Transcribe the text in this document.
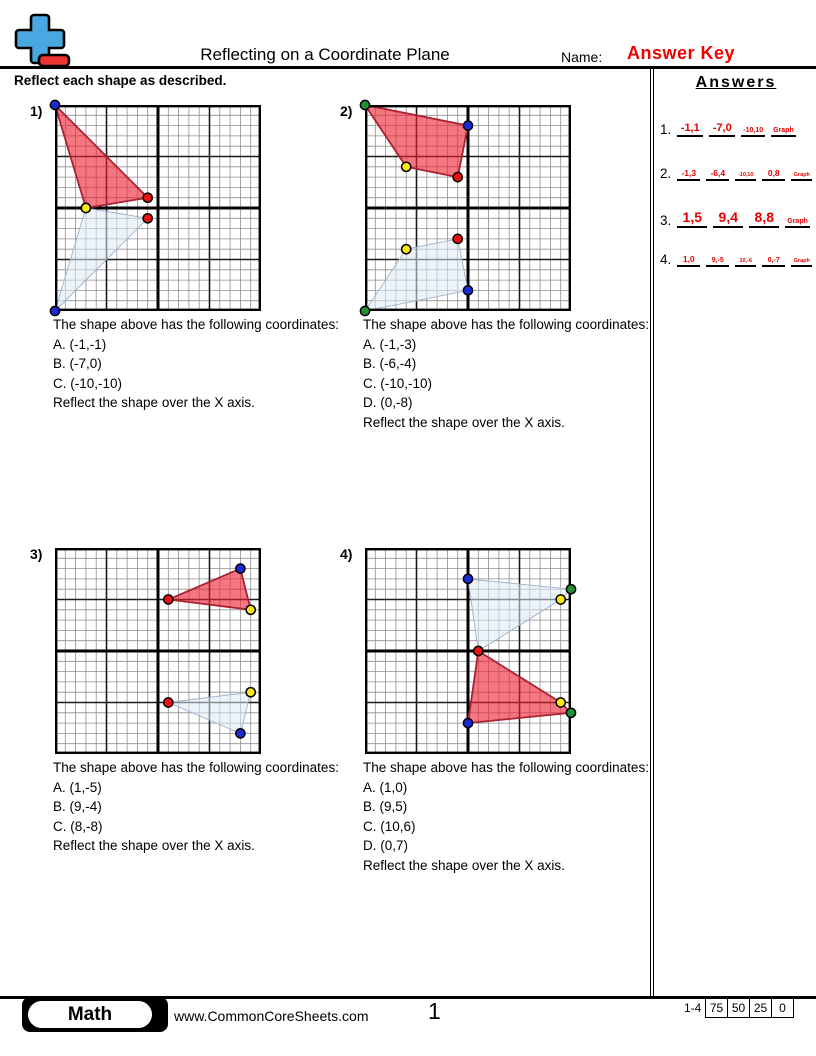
Reflecting on a Coordinate Plane	Name: Answer Key
Reflect each shape as described.	Answers
1. -1,1	-7,0	-10,10 Graph
2.	-1,3	-6,4	-10,10	0,8	Graph
3. 1,5	9,4	8,8	Graph
4.	1,0	9,-5	10,-6	0,-7	Graph
1)
The shape above has the following coordinates:
A. (-1,-1)
B. (-7,0)
C. (-10,-10)
Reflect the shape over the X axis.
2)
The shape above has the following coordinates:
A. (-1,-3)
B. (-6,-4)
C. (-10,-10)
D. (0,-8)
Reflect the shape over the X axis.
3)
The shape above has the following coordinates:
A. (1,-5)
B. (9,-4)
C. (8,-8)
Reflect the shape over the X axis.
4)
The shape above has the following coordinates:
A. (1,0)
B. (9,5)
C. (10,6)
D. (0,7)
Reflect the shape over the X axis.
Math	www.CommonCoreSheets.com	1	1-4 75 50 25 0
